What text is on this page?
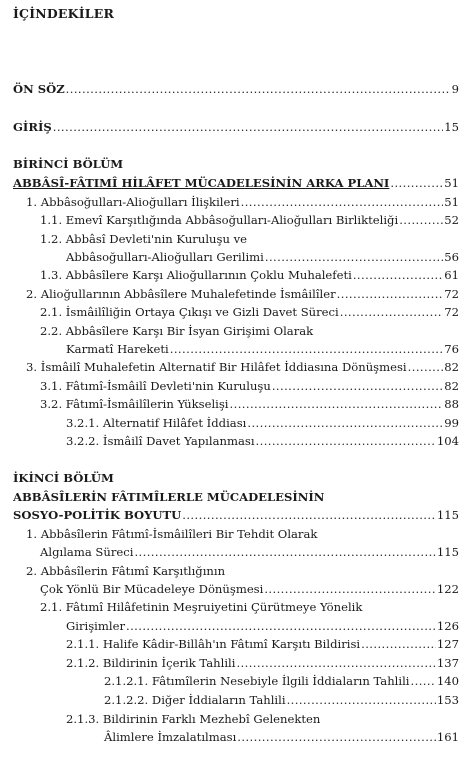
İÇİNDEKİLER
ÖN SÖZ .....	9
GİRİŞ .....	15
BİRİNCİ BÖLÜM
ABBÂSÎ-FÂTIMÎ HİLÂFET MÜCADELESİNİN ARKA PLANI .....	51
1. Abbâsoğulları-Alioğulları İlişkileri .....	51
1.1. Emevî Karşıtlığında Abbâsoğulları-Alioğulları Birlikteliği .....	52
1.2. Abbâsî Devleti'nin Kuruluşu ve
Abbâsoğulları-Alioğulları Gerilimi .....	56
1.3. Abbâsîlere Karşı Alioğullarının Çoklu Muhalefeti .....	61
2. Alioğullarının Abbâsîlere Muhalefetinde İsmâilîler .....	72
2.1. İsmâilîliğin Ortaya Çıkışı ve Gizli Davet Süreci .....	72
2.2. Abbâsîlere Karşı Bir İsyan Girişimi Olarak
Karmatî Hareketi .....	76
3. İsmâilî Muhalefetin Alternatif Bir Hilâfet İddiasına Dönüşmesi .....	82
3.1. Fâtımî-İsmâilî Devleti'nin Kuruluşu .....	82
3.2. Fâtımî-İsmâilîlerin Yükselişi .....	88
3.2.1. Alternatif Hilâfet İddiası .....	99
3.2.2. İsmâilî Davet Yapılanması .....	104
İKİNCİ BÖLÜM
ABBÂSÎLERİN FÂTIMÎLERLE MÜCADELESİNİN
SOSYO-POLİTİK BOYUTU .....	115
1. Abbâsîlerin Fâtımî-İsmâilîleri Bir Tehdit Olarak
Algılama Süreci .....	115
2. Abbâsîlerin Fâtımî Karşıtlığının
Çok Yönlü Bir Mücadeleye Dönüşmesi .....	122
2.1. Fâtımî Hilâfetinin Meşruiyetini Çürütmeye Yönelik
Girişimler .....	126
2.1.1. Halife Kâdir-Billâh'ın Fâtımî Karşıtı Bildirisi .....	127
2.1.2. Bildirinin İçerik Tahlili .....	137
2.1.2.1. Fâtımîlerin Nesebiyle İlgili İddiaların Tahlili ..... 140
2.1.2.2. Diğer İddiaların Tahlili .....	153
2.1.3. Bildirinin Farklı Mezhebî Gelenekten
Âlimlere İmzalatılması .....	161
